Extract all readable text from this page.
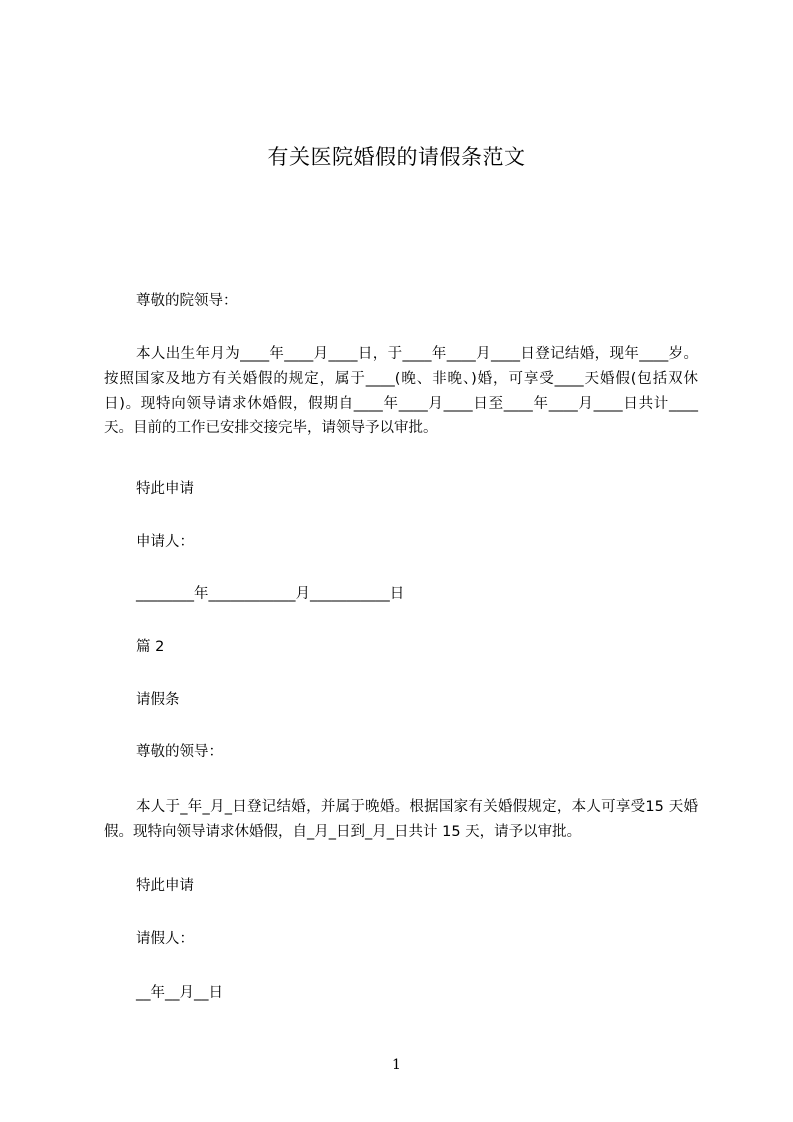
有关医院婚假的请假条范文

尊敬的院领导：

本人出生年月为____年____月____日，于____年____月____日登记结婚，现年____岁。按照国家及地方有关婚假的规定，属于____(晚、非晚、)婚，可享受____天婚假(包括双休日)。现特向领导请求休婚假，假期自____年____月____日至____年____月____日共计____天。目前的工作已安排交接完毕，请领导予以审批。

特此申请

申请人：

________年____________月___________日

篇 2

请假条

尊敬的领导：

本人于_年_月_日登记结婚，并属于晚婚。根据国家有关婚假规定，本人可享受15 天婚假。现特向领导请求休婚假，自_月_日到_月_日共计 15 天，请予以审批。

特此申请

请假人：

__年__月__日

1
